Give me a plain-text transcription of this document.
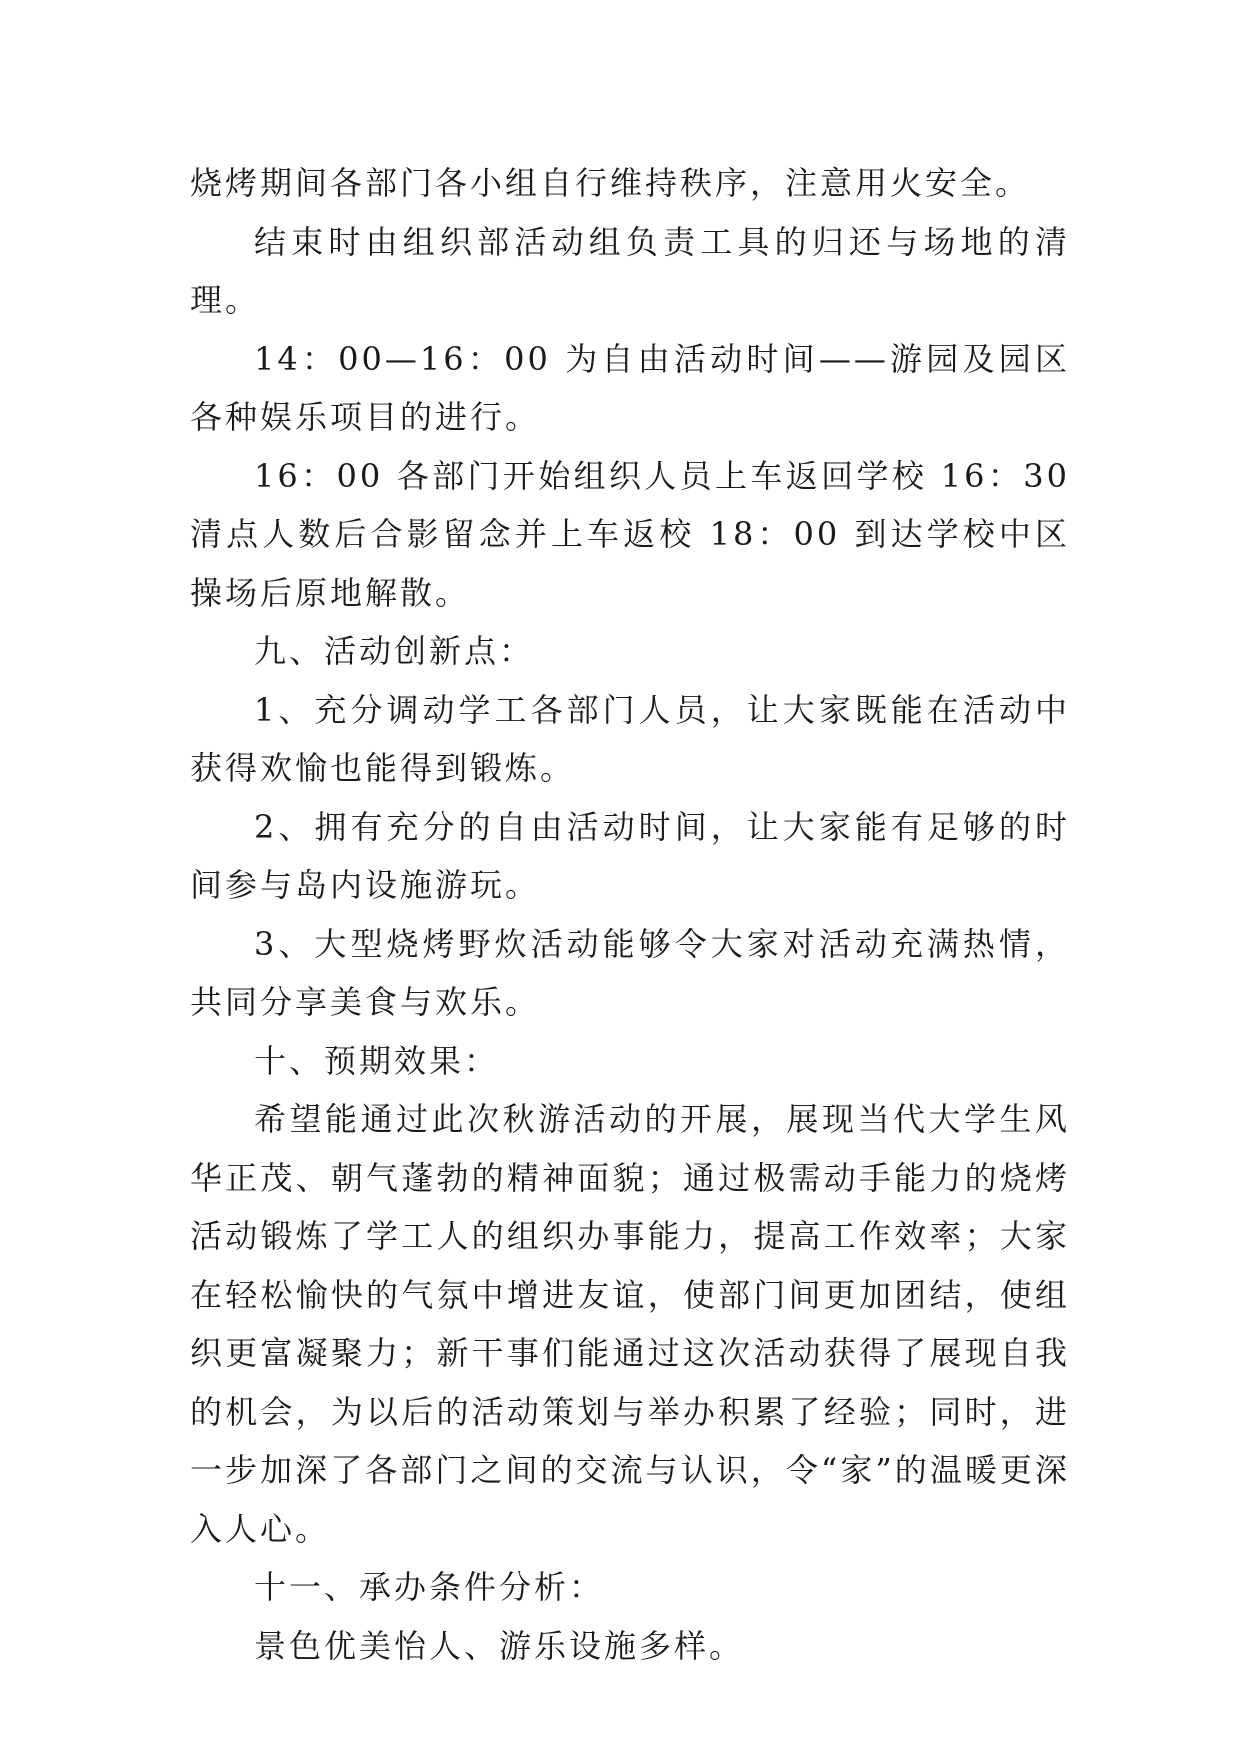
烧烤期间各部门各小组自行维持秩序，注意用火安全。

结束时由组织部活动组负责工具的归还与场地的清理。

14：00—16：00 为自由活动时间——游园及园区各种娱乐项目的进行。

16：00 各部门开始组织人员上车返回学校 16：30 清点人数后合影留念并上车返校 18：00 到达学校中区操场后原地解散。

九、活动创新点：

1、充分调动学工各部门人员，让大家既能在活动中获得欢愉也能得到锻炼。

2、拥有充分的自由活动时间，让大家能有足够的时间参与岛内设施游玩。

3、大型烧烤野炊活动能够令大家对活动充满热情，共同分享美食与欢乐。

十、预期效果：

希望能通过此次秋游活动的开展，展现当代大学生风华正茂、朝气蓬勃的精神面貌；通过极需动手能力的烧烤活动锻炼了学工人的组织办事能力，提高工作效率；大家在轻松愉快的气氛中增进友谊，使部门间更加团结，使组织更富凝聚力；新干事们能通过这次活动获得了展现自我的机会，为以后的活动策划与举办积累了经验；同时，进一步加深了各部门之间的交流与认识，令“家”的温暖更深入人心。

十一、承办条件分析：

景色优美怡人、游乐设施多样。
